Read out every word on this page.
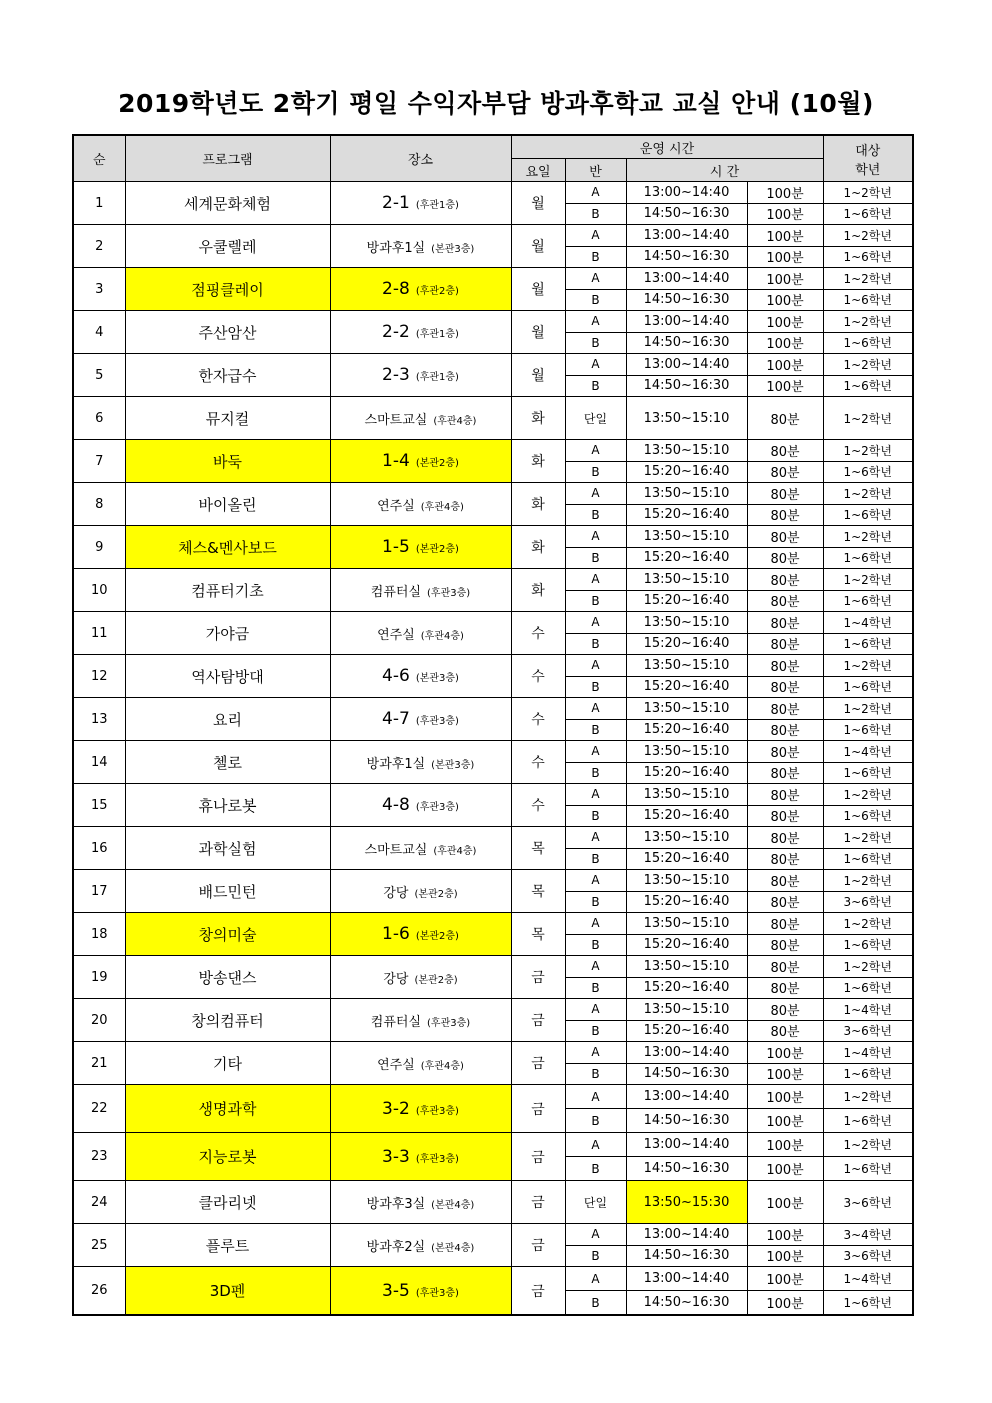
2019학년도 2학기 평일 수익자부담 방과후학교 교실 안내 (10월)
순	프로그램	장소	운영 시간				대상
학년

			요일	반	시 간		
1	세계문화체험	2-1 (후관1층)	월	A	13:00~14:40	100분	1~2학년
				B	14:50~16:30	100분	1~6학년
2	우쿨렐레	방과후1실 (본관3층)	월	A	13:00~14:40	100분	1~2학년
				B	14:50~16:30	100분	1~6학년
3	점핑클레이	2-8 (후관2층)	월	A	13:00~14:40	100분	1~2학년
				B	14:50~16:30	100분	1~6학년
4	주산암산	2-2 (후관1층)	월	A	13:00~14:40	100분	1~2학년
				B	14:50~16:30	100분	1~6학년
5	한자급수	2-3 (후관1층)	월	A	13:00~14:40	100분	1~2학년
				B	14:50~16:30	100분	1~6학년
6	뮤지컬	스마트교실 (후관4층)	화	단일	13:50~15:10	80분	1~2학년
7	바둑	1-4 (본관2층)	화	A	13:50~15:10	80분	1~2학년
				B	15:20~16:40	80분	1~6학년
8	바이올린	연주실 (후관4층)	화	A	13:50~15:10	80분	1~2학년
				B	15:20~16:40	80분	1~6학년
9	체스&멘사보드	1-5 (본관2층)	화	A	13:50~15:10	80분	1~2학년
				B	15:20~16:40	80분	1~6학년
10	컴퓨터기초	컴퓨터실 (후관3층)	화	A	13:50~15:10	80분	1~2학년
				B	15:20~16:40	80분	1~6학년
11	가야금	연주실 (후관4층)	수	A	13:50~15:10	80분	1~4학년
				B	15:20~16:40	80분	1~6학년
12	역사탐방대	4-6 (본관3층)	수	A	13:50~15:10	80분	1~2학년
				B	15:20~16:40	80분	1~6학년
13	요리	4-7 (후관3층)	수	A	13:50~15:10	80분	1~2학년
				B	15:20~16:40	80분	1~6학년
14	첼로	방과후1실 (본관3층)	수	A	13:50~15:10	80분	1~4학년
				B	15:20~16:40	80분	1~6학년
15	휴나로봇	4-8 (후관3층)	수	A	13:50~15:10	80분	1~2학년
				B	15:20~16:40	80분	1~6학년
16	과학실험	스마트교실 (후관4층)	목	A	13:50~15:10	80분	1~2학년
				B	15:20~16:40	80분	1~6학년
17	배드민턴	강당 (본관2층)	목	A	13:50~15:10	80분	1~2학년
				B	15:20~16:40	80분	3~6학년
18	창의미술	1-6 (본관2층)	목	A	13:50~15:10	80분	1~2학년
				B	15:20~16:40	80분	1~6학년
19	방송댄스	강당 (본관2층)	금	A	13:50~15:10	80분	1~2학년
				B	15:20~16:40	80분	1~6학년
20	창의컴퓨터	컴퓨터실 (후관3층)	금	A	13:50~15:10	80분	1~4학년
				B	15:20~16:40	80분	3~6학년
21	기타	연주실 (후관4층)	금	A	13:00~14:40	100분	1~4학년
				B	14:50~16:30	100분	1~6학년
22	생명과학	3-2 (후관3층)	금	A	13:00~14:40	100분	1~2학년
				B	14:50~16:30	100분	1~6학년
23	지능로봇	3-3 (후관3층)	금	A	13:00~14:40	100분	1~2학년
				B	14:50~16:30	100분	1~6학년
24	클라리넷	방과후3실 (본관4층)	금	단일	13:50~15:30	100분	3~6학년
25	플루트	방과후2실 (본관4층)	금	A	13:00~14:40	100분	3~4학년
				B	14:50~16:30	100분	3~6학년
26	3D펜	3-5 (후관3층)	금	A	13:00~14:40	100분	1~4학년
				B	14:50~16:30	100분	1~6학년
